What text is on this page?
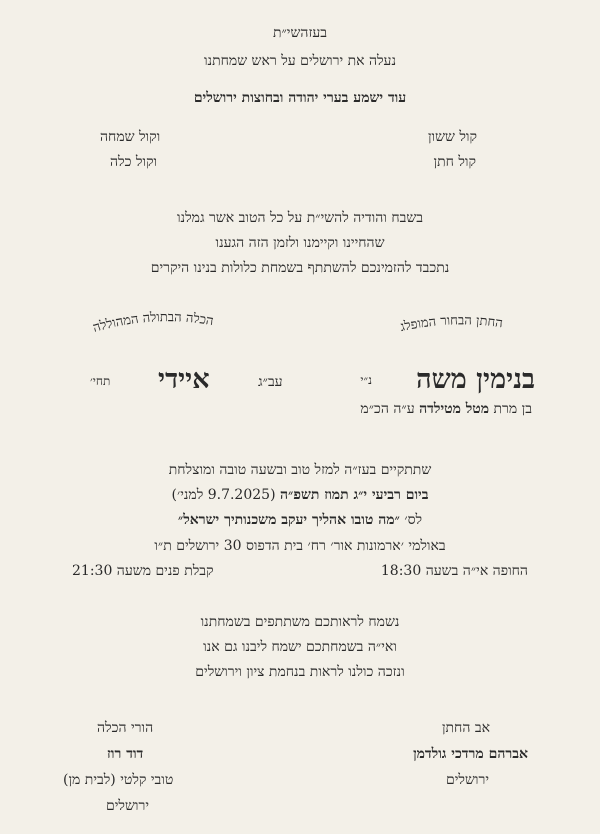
בעזהשי״ת
נעלה את ירושלים על ראש שמחתנו
עוד ישמע בערי יהודה ובחוצות ירושלים
קול ששון
וקול שמחה
קול חתן
וקול כלה
בשבח והודיה להשי״ת על כל הטוב אשר גמלנו
שהחיינו וקיימנו ולזמן הזה הגענו
נתכבד להזמינכם להשתתף בשמחת כלולות בנינו היקרים
החתן הבחור המופלג
הכלה הבתולה המהוללה
בנימין משה
נ״י
עב״ג
איידי
תחי׳
בן מרת מטל מטילדה ע״ה הכ״מ
שתתקיים בעז״ה למזל טוב ובשעה טובה ומוצלחת
ביום רביעי י״ג תמוז תשפ״ה (9.7.2025 למני׳)
לס׳ ״מה טובו אהליך יעקב משכנותיך ישראל״
באולמי ׳ארמונות אור׳ רח׳ בית הדפוס 30 ירושלים ת״ו
החופה אי״ה בשעה 18:30
קבלת פנים משעה 21:30
נשמח לראותכם משתתפים בשמחתנו
ואי״ה בשמחתכם ישמח ליבנו גם אנו
ונזכה כולנו לראות בנחמת ציון וירושלים
אב החתן
אברהם מרדכי גולדמן
ירושלים
הורי הכלה
דוד רוז
טובי קלטי (לבית מן)
ירושלים
